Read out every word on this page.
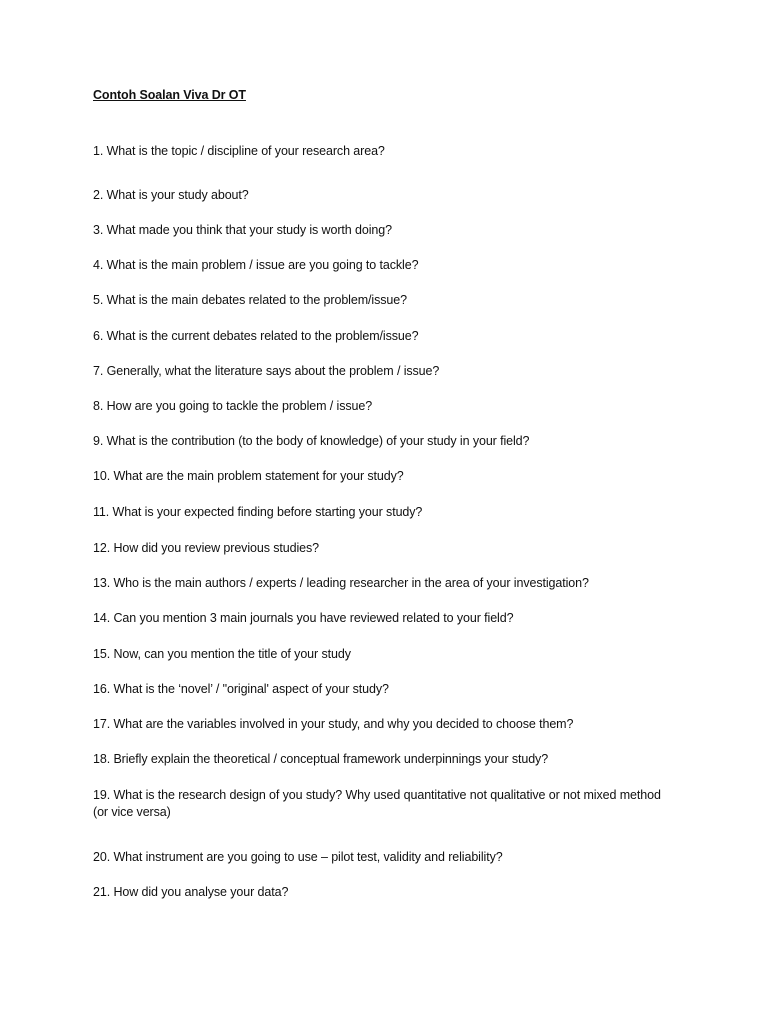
Contoh Soalan Viva Dr OT
1. What is the topic / discipline of your research area?
2. What is your study about?
3. What made you think that your study is worth doing?
4. What is the main problem / issue are you going to tackle?
5. What is the main debates related to the problem/issue?
6. What is the current debates related to the problem/issue?
7. Generally, what the literature says about the problem / issue?
8. How are you going to tackle the problem / issue?
9. What is the contribution (to the body of knowledge) of your study in your field?
10. What are the main problem statement for your study?
11. What is your expected finding before starting your study?
12. How did you review previous studies?
13. Who is the main authors / experts / leading researcher in the area of your investigation?
14. Can you mention 3 main journals you have reviewed related to your field?
15. Now, can you mention the title of your study
16. What is the ‘novel’ / "original' aspect of your study?
17. What are the variables involved in your study, and why you decided to choose them?
18. Briefly explain the theoretical / conceptual framework underpinnings your study?
19. What is the research design of you study? Why used quantitative not qualitative or not mixed method (or vice versa)
20. What instrument are you going to use – pilot test, validity and reliability?
21. How did you analyse your data?
